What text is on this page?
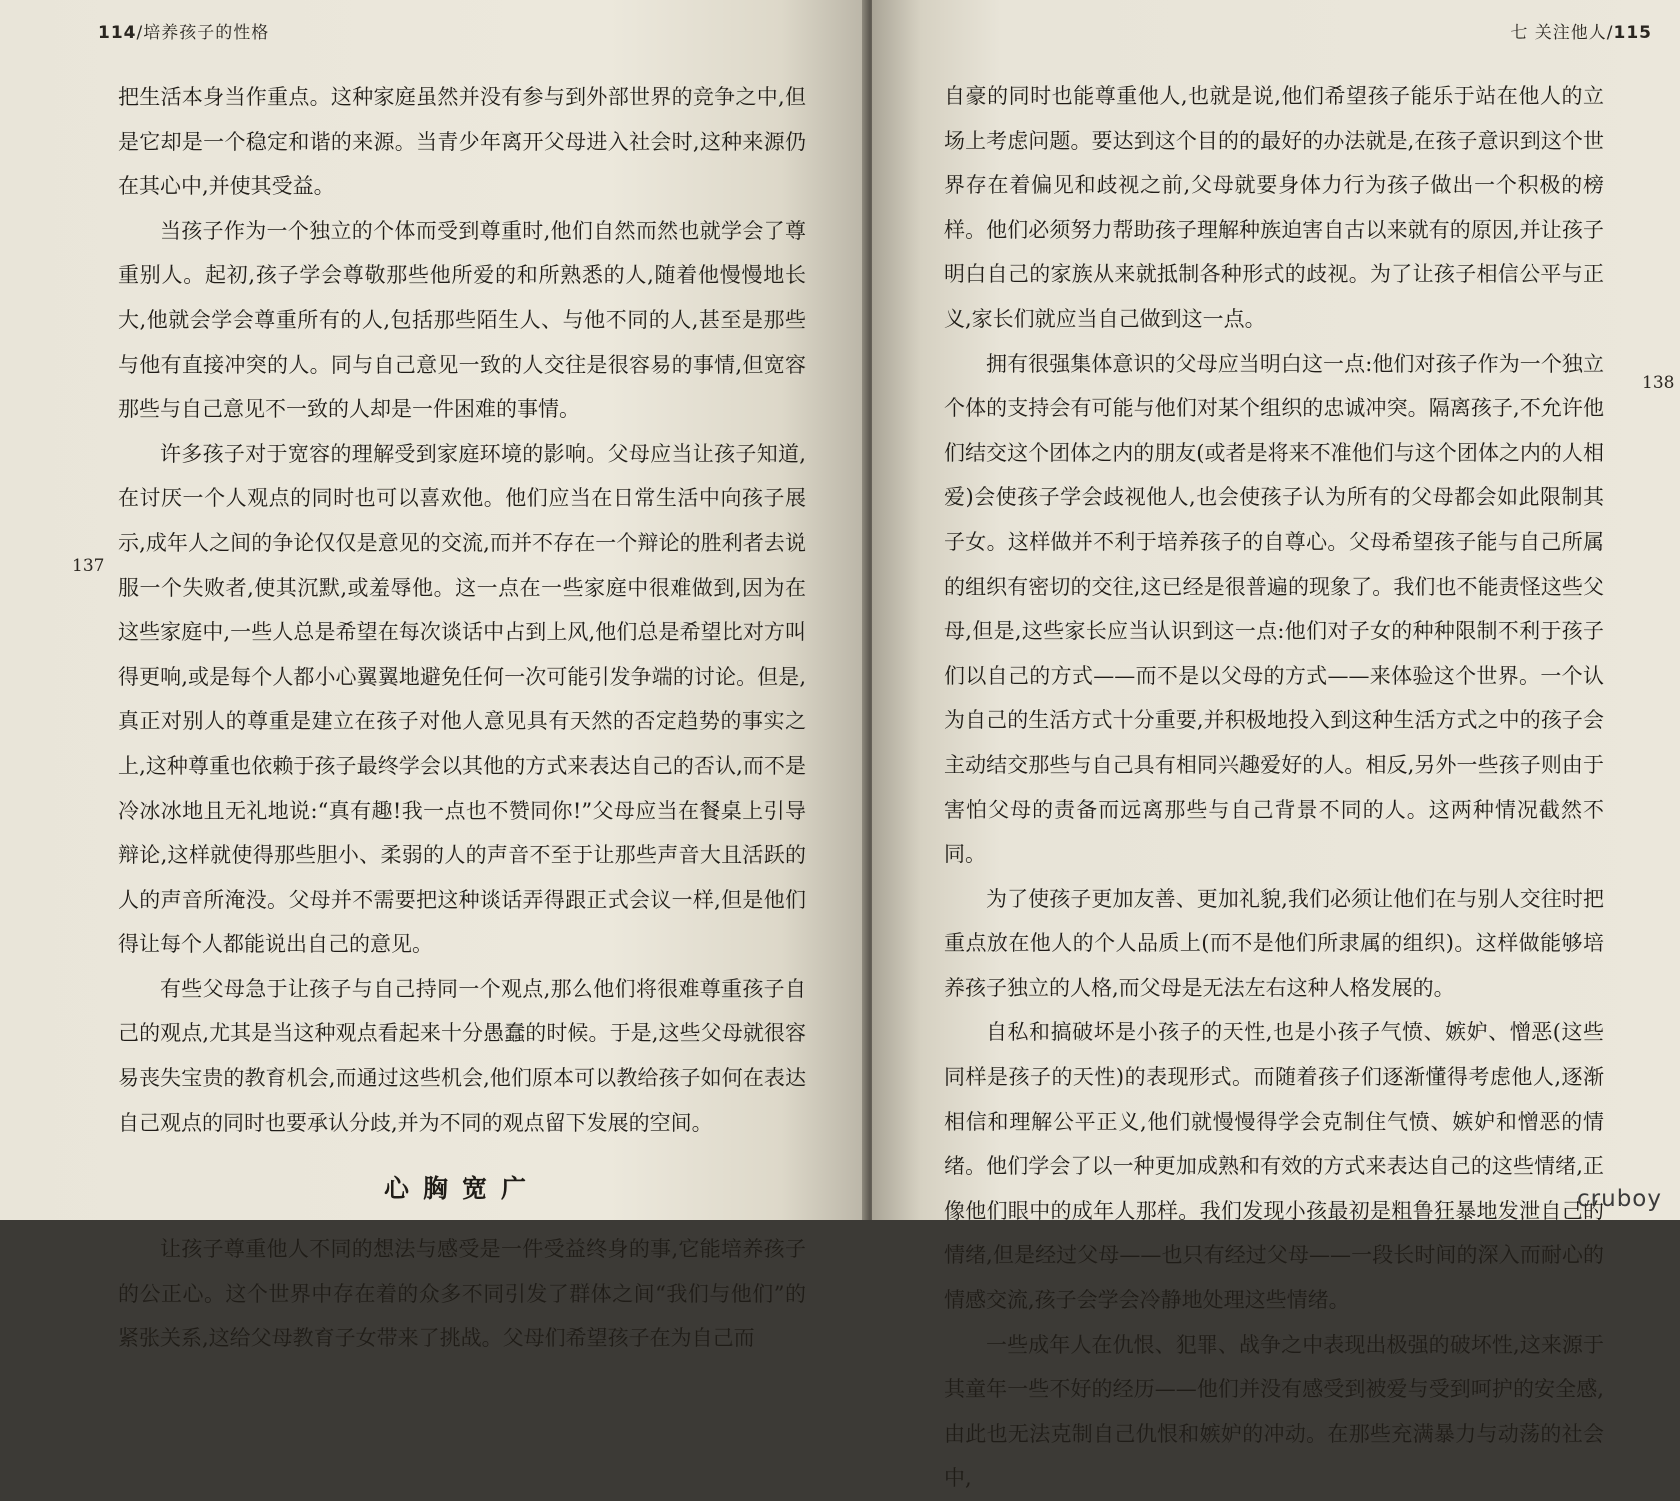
114/培养孩子的性格
137

把生活本身当作重点。这种家庭虽然并没有参与到外部世界的竞争之中,但是它却是一个稳定和谐的来源。当青少年离开父母进入社会时,这种来源仍在其心中,并使其受益。

当孩子作为一个独立的个体而受到尊重时,他们自然而然也就学会了尊重别人。起初,孩子学会尊敬那些他所爱的和所熟悉的人,随着他慢慢地长大,他就会学会尊重所有的人,包括那些陌生人、与他不同的人,甚至是那些与他有直接冲突的人。同与自己意见一致的人交往是很容易的事情,但宽容那些与自己意见不一致的人却是一件困难的事情。

许多孩子对于宽容的理解受到家庭环境的影响。父母应当让孩子知道,在讨厌一个人观点的同时也可以喜欢他。他们应当在日常生活中向孩子展示,成年人之间的争论仅仅是意见的交流,而并不存在一个辩论的胜利者去说服一个失败者,使其沉默,或羞辱他。这一点在一些家庭中很难做到,因为在这些家庭中,一些人总是希望在每次谈话中占到上风,他们总是希望比对方叫得更响,或是每个人都小心翼翼地避免任何一次可能引发争端的讨论。但是,真正对别人的尊重是建立在孩子对他人意见具有天然的否定趋势的事实之上,这种尊重也依赖于孩子最终学会以其他的方式来表达自己的否认,而不是冷冰冰地且无礼地说:“真有趣!我一点也不赞同你!”父母应当在餐桌上引导辩论,这样就使得那些胆小、柔弱的人的声音不至于让那些声音大且活跃的人的声音所淹没。父母并不需要把这种谈话弄得跟正式会议一样,但是他们得让每个人都能说出自己的意见。

有些父母急于让孩子与自己持同一个观点,那么他们将很难尊重孩子自己的观点,尤其是当这种观点看起来十分愚蠢的时候。于是,这些父母就很容易丧失宝贵的教育机会,而通过这些机会,他们原本可以教给孩子如何在表达自己观点的同时也要承认分歧,并为不同的观点留下发展的空间。

心胸宽广

让孩子尊重他人不同的想法与感受是一件受益终身的事,它能培养孩子的公正心。这个世界中存在着的众多不同引发了群体之间“我们与他们”的紧张关系,这给父母教育子女带来了挑战。父母们希望孩子在为自己而

七 关注他人/115
138

自豪的同时也能尊重他人,也就是说,他们希望孩子能乐于站在他人的立场上考虑问题。要达到这个目的的最好的办法就是,在孩子意识到这个世界存在着偏见和歧视之前,父母就要身体力行为孩子做出一个积极的榜样。他们必须努力帮助孩子理解种族迫害自古以来就有的原因,并让孩子明白自己的家族从来就抵制各种形式的歧视。为了让孩子相信公平与正义,家长们就应当自己做到这一点。

拥有很强集体意识的父母应当明白这一点:他们对孩子作为一个独立个体的支持会有可能与他们对某个组织的忠诚冲突。隔离孩子,不允许他们结交这个团体之内的朋友(或者是将来不准他们与这个团体之内的人相爱)会使孩子学会歧视他人,也会使孩子认为所有的父母都会如此限制其子女。这样做并不利于培养孩子的自尊心。父母希望孩子能与自己所属的组织有密切的交往,这已经是很普遍的现象了。我们也不能责怪这些父母,但是,这些家长应当认识到这一点:他们对子女的种种限制不利于孩子们以自己的方式——而不是以父母的方式——来体验这个世界。一个认为自己的生活方式十分重要,并积极地投入到这种生活方式之中的孩子会主动结交那些与自己具有相同兴趣爱好的人。相反,另外一些孩子则由于害怕父母的责备而远离那些与自己背景不同的人。这两种情况截然不同。

为了使孩子更加友善、更加礼貌,我们必须让他们在与别人交往时把重点放在他人的个人品质上(而不是他们所隶属的组织)。这样做能够培养孩子独立的人格,而父母是无法左右这种人格发展的。

自私和搞破坏是小孩子的天性,也是小孩子气愤、嫉妒、憎恶(这些同样是孩子的天性)的表现形式。而随着孩子们逐渐懂得考虑他人,逐渐相信和理解公平正义,他们就慢慢得学会克制住气愤、嫉妒和憎恶的情绪。他们学会了以一种更加成熟和有效的方式来表达自己的这些情绪,正像他们眼中的成年人那样。我们发现小孩最初是粗鲁狂暴地发泄自己的情绪,但是经过父母——也只有经过父母——一段长时间的深入而耐心的情感交流,孩子会学会冷静地处理这些情绪。

一些成年人在仇恨、犯罪、战争之中表现出极强的破坏性,这来源于其童年一些不好的经历——他们并没有感受到被爱与受到呵护的安全感,由此也无法克制自己仇恨和嫉妒的冲动。在那些充满暴力与动荡的社会中,

cruboy
